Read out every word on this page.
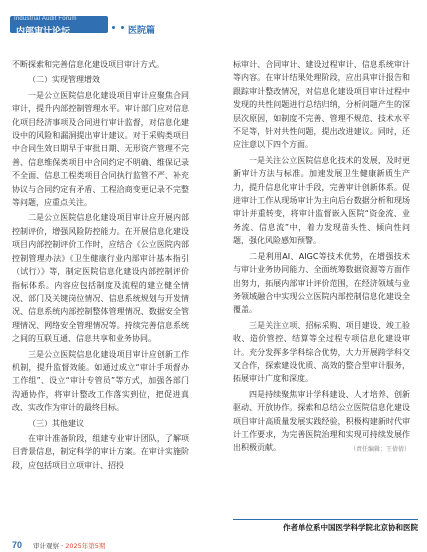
Industrial Audit Forum
内部审计论坛	医院篇

不断探索和完善信息化建设项目审计方式。

（二）实现管理增效

一是公立医院信息化建设项目审计应聚焦合同审计，提升内部控制管理水平。审计部门应对信息化项目经济事项及合同进行审计监督，对信息化建设中的风险和漏洞提出审计建议。对于采购类项目中合同生效日期早于审批日期、无形资产管理不完善、信息维保类项目中合同约定不明确、维保记录不全面、信息工程类项目合同执行监管不严、补充协议与合同约定有矛盾、工程洽商变更记录不完整等问题，应重点关注。

二是公立医院信息化建设项目审计应开展内部控制评价，增强风险防控能力。在开展信息化建设项目内部控制评价工作时，应结合《公立医院内部控制管理办法》《卫生健康行业内部审计基本指引（试行）》等，制定医院信息化建设内部控制评价指标体系。内容应包括制度及流程的建立健全情况、部门及关键岗位情况、信息系统规划与开发情况、信息系统内部控制整体管理情况、数据安全管理情况、网络安全管理情况等。持续完善信息系统之间的互联互通、信息共享和业务协同。

三是公立医院信息化建设项目审计应创新工作机制，提升监督效能。如通过成立“审计手项督办工作组”、设立“审计专管员”等方式，加强各部门沟通协作，将审计整改工作落实到位，把促进真改、实改作为审计的最终目标。

（三）其他建议

在审计准备阶段，组建专业审计团队，了解项目背景信息，制定科学的审计方案。在审计实施阶段，应包括项目立项审计、招投

标审计、合同审计、建设过程审计、信息系统审计等内容。在审计结果处理阶段，应出具审计报告和跟踪审计整改情况，对信息化建设项目审计过程中发现的共性问题进行总结归纳，分析问题产生的深层次原因，如制度不完善、管理不规范、技术水平不足等，针对共性问题，提出改进建议。同时，还应注意以下四个方面。

一是关注公立医院信息化技术的发展，及时更新审计方法与标准。加速发展卫生健康新质生产力，提升信息化审计手段，完善审计创新体系。促进审计工作从现场审计为主向后台数据分析和现场审计并重转变，将审计监督嵌入医院“资金流、业务流、信息流”中，着力发现苗头性、倾向性问题，强化风险感知预警。

二是利用AI、AIGC等技术优势，在增强技术与审计业务协同能力、全面统筹数据资源等方面作出努力，拓展内部审计评价范围，在经济领域与业务领域融合中实现公立医院内部控制信息化建设全覆盖。

三是关注立项、招标采购、项目建设、竣工验收、造价管控、结算等全过程专项信息化建设审计。充分发挥多学科综合优势，大力开展跨学科交叉合作，探索建设优质、高效的整合型审计服务，拓展审计广度和深度。

四是持续聚焦审计学科建设、人才培养、创新驱动、开放协作。探索和总结公立医院信息化建设项目审计高质量发展实践经验，积极构建新时代审计工作要求，为完善医院治理和实现可持续发展作出积极贡献。	（责任编辑：王倩倩）
作者单位系中国医学科学院北京协和医院
70 审计观察 · 2025年第5期
